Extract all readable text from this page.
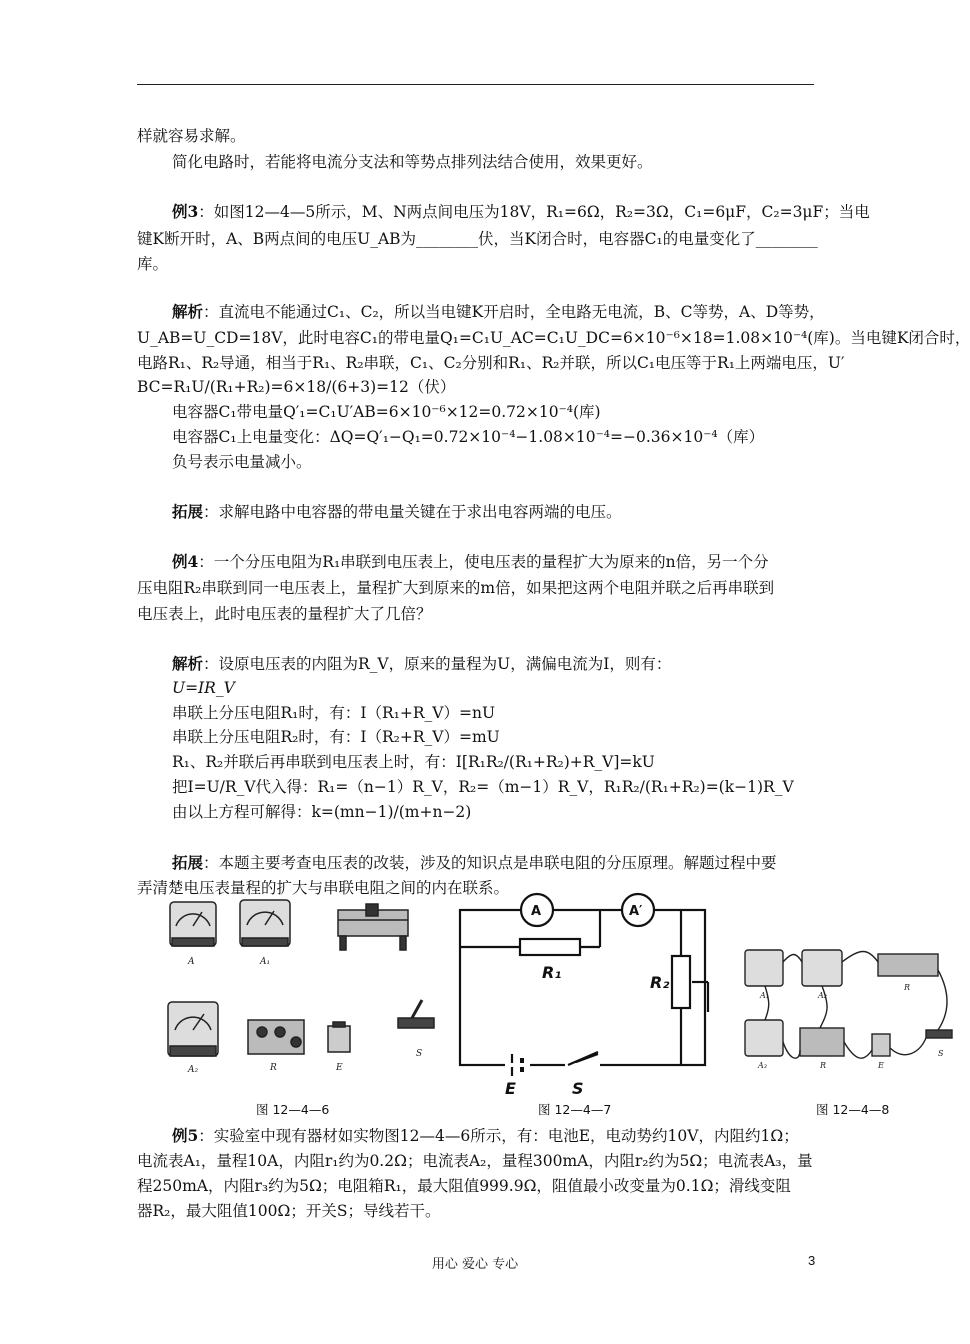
样就容易求解。
简化电路时，若能将电流分支法和等势点排列法结合使用，效果更好。
例3：如图12—4—5所示，M、N两点间电压为18V，R₁=6Ω，R₂=3Ω，C₁=6μF，C₂=3μF；当电
键K断开时，A、B两点间的电压U_AB为________伏，当K闭合时，电容器C₁的电量变化了________
库。
解析：直流电不能通过C₁、C₂，所以当电键K开启时，全电路无电流，B、C等势，A、D等势，
U_AB=U_CD=18V，此时电容C₁的带电量Q₁=C₁U_AC=C₁U_DC=6×10⁻⁶×18=1.08×10⁻⁴(库)。当电键K闭合时，
电路R₁、R₂导通，相当于R₁、R₂串联，C₁、C₂分别和R₁、R₂并联，所以C₁电压等于R₁上两端电压，U′
BC=R₁U/(R₁+R₂)=6×18/(6+3)=12（伏）
电容器C₁带电量Q′₁=C₁U′AB=6×10⁻⁶×12=0.72×10⁻⁴(库)
电容器C₁上电量变化：ΔQ=Q′₁−Q₁=0.72×10⁻⁴−1.08×10⁻⁴=−0.36×10⁻⁴（库）
负号表示电量减小。
拓展：求解电路中电容器的带电量关键在于求出电容两端的电压。
例4：一个分压电阻为R₁串联到电压表上，使电压表的量程扩大为原来的n倍，另一个分
压电阻R₂串联到同一电压表上，量程扩大到原来的m倍，如果把这两个电阻并联之后再串联到
电压表上，此时电压表的量程扩大了几倍？
解析：设原电压表的内阻为R_V，原来的量程为U，满偏电流为I，则有：
U=IR_V
串联上分压电阻R₁时，有：I（R₁+R_V）=nU
串联上分压电阻R₂时，有：I（R₂+R_V）=mU
R₁、R₂并联后再串联到电压表上时，有：I[R₁R₂/(R₁+R₂)+R_V]=kU
把I=U/R_V代入得：R₁=（n−1）R_V，R₂=（m−1）R_V，R₁R₂/(R₁+R₂)=(k−1)R_V
由以上方程可解得：k=(mn−1)/(m+n−2)
拓展：本题主要考查电压表的改装，涉及的知识点是串联电阻的分压原理。解题过程中要
弄清楚电压表量程的扩大与串联电阻之间的内在联系。
A	A₁
A₂	R	E
S
A	A′
R₁
R₂
E	S
A₁	A₂
R
A₃	R	E
S
图 12—4—6	图 12—4—7	图 12—4—8
例5：实验室中现有器材如实物图12—4—6所示，有：电池E，电动势约10V，内阻约1Ω；
电流表A₁，量程10A，内阻r₁约为0.2Ω；电流表A₂，量程300mA，内阻r₂约为5Ω；电流表A₃，量
程250mA，内阻r₃约为5Ω；电阻箱R₁，最大阻值999.9Ω，阻值最小改变量为0.1Ω；滑线变阻
器R₂，最大阻值100Ω；开关S；导线若干。
用心 爱心 专心	3
